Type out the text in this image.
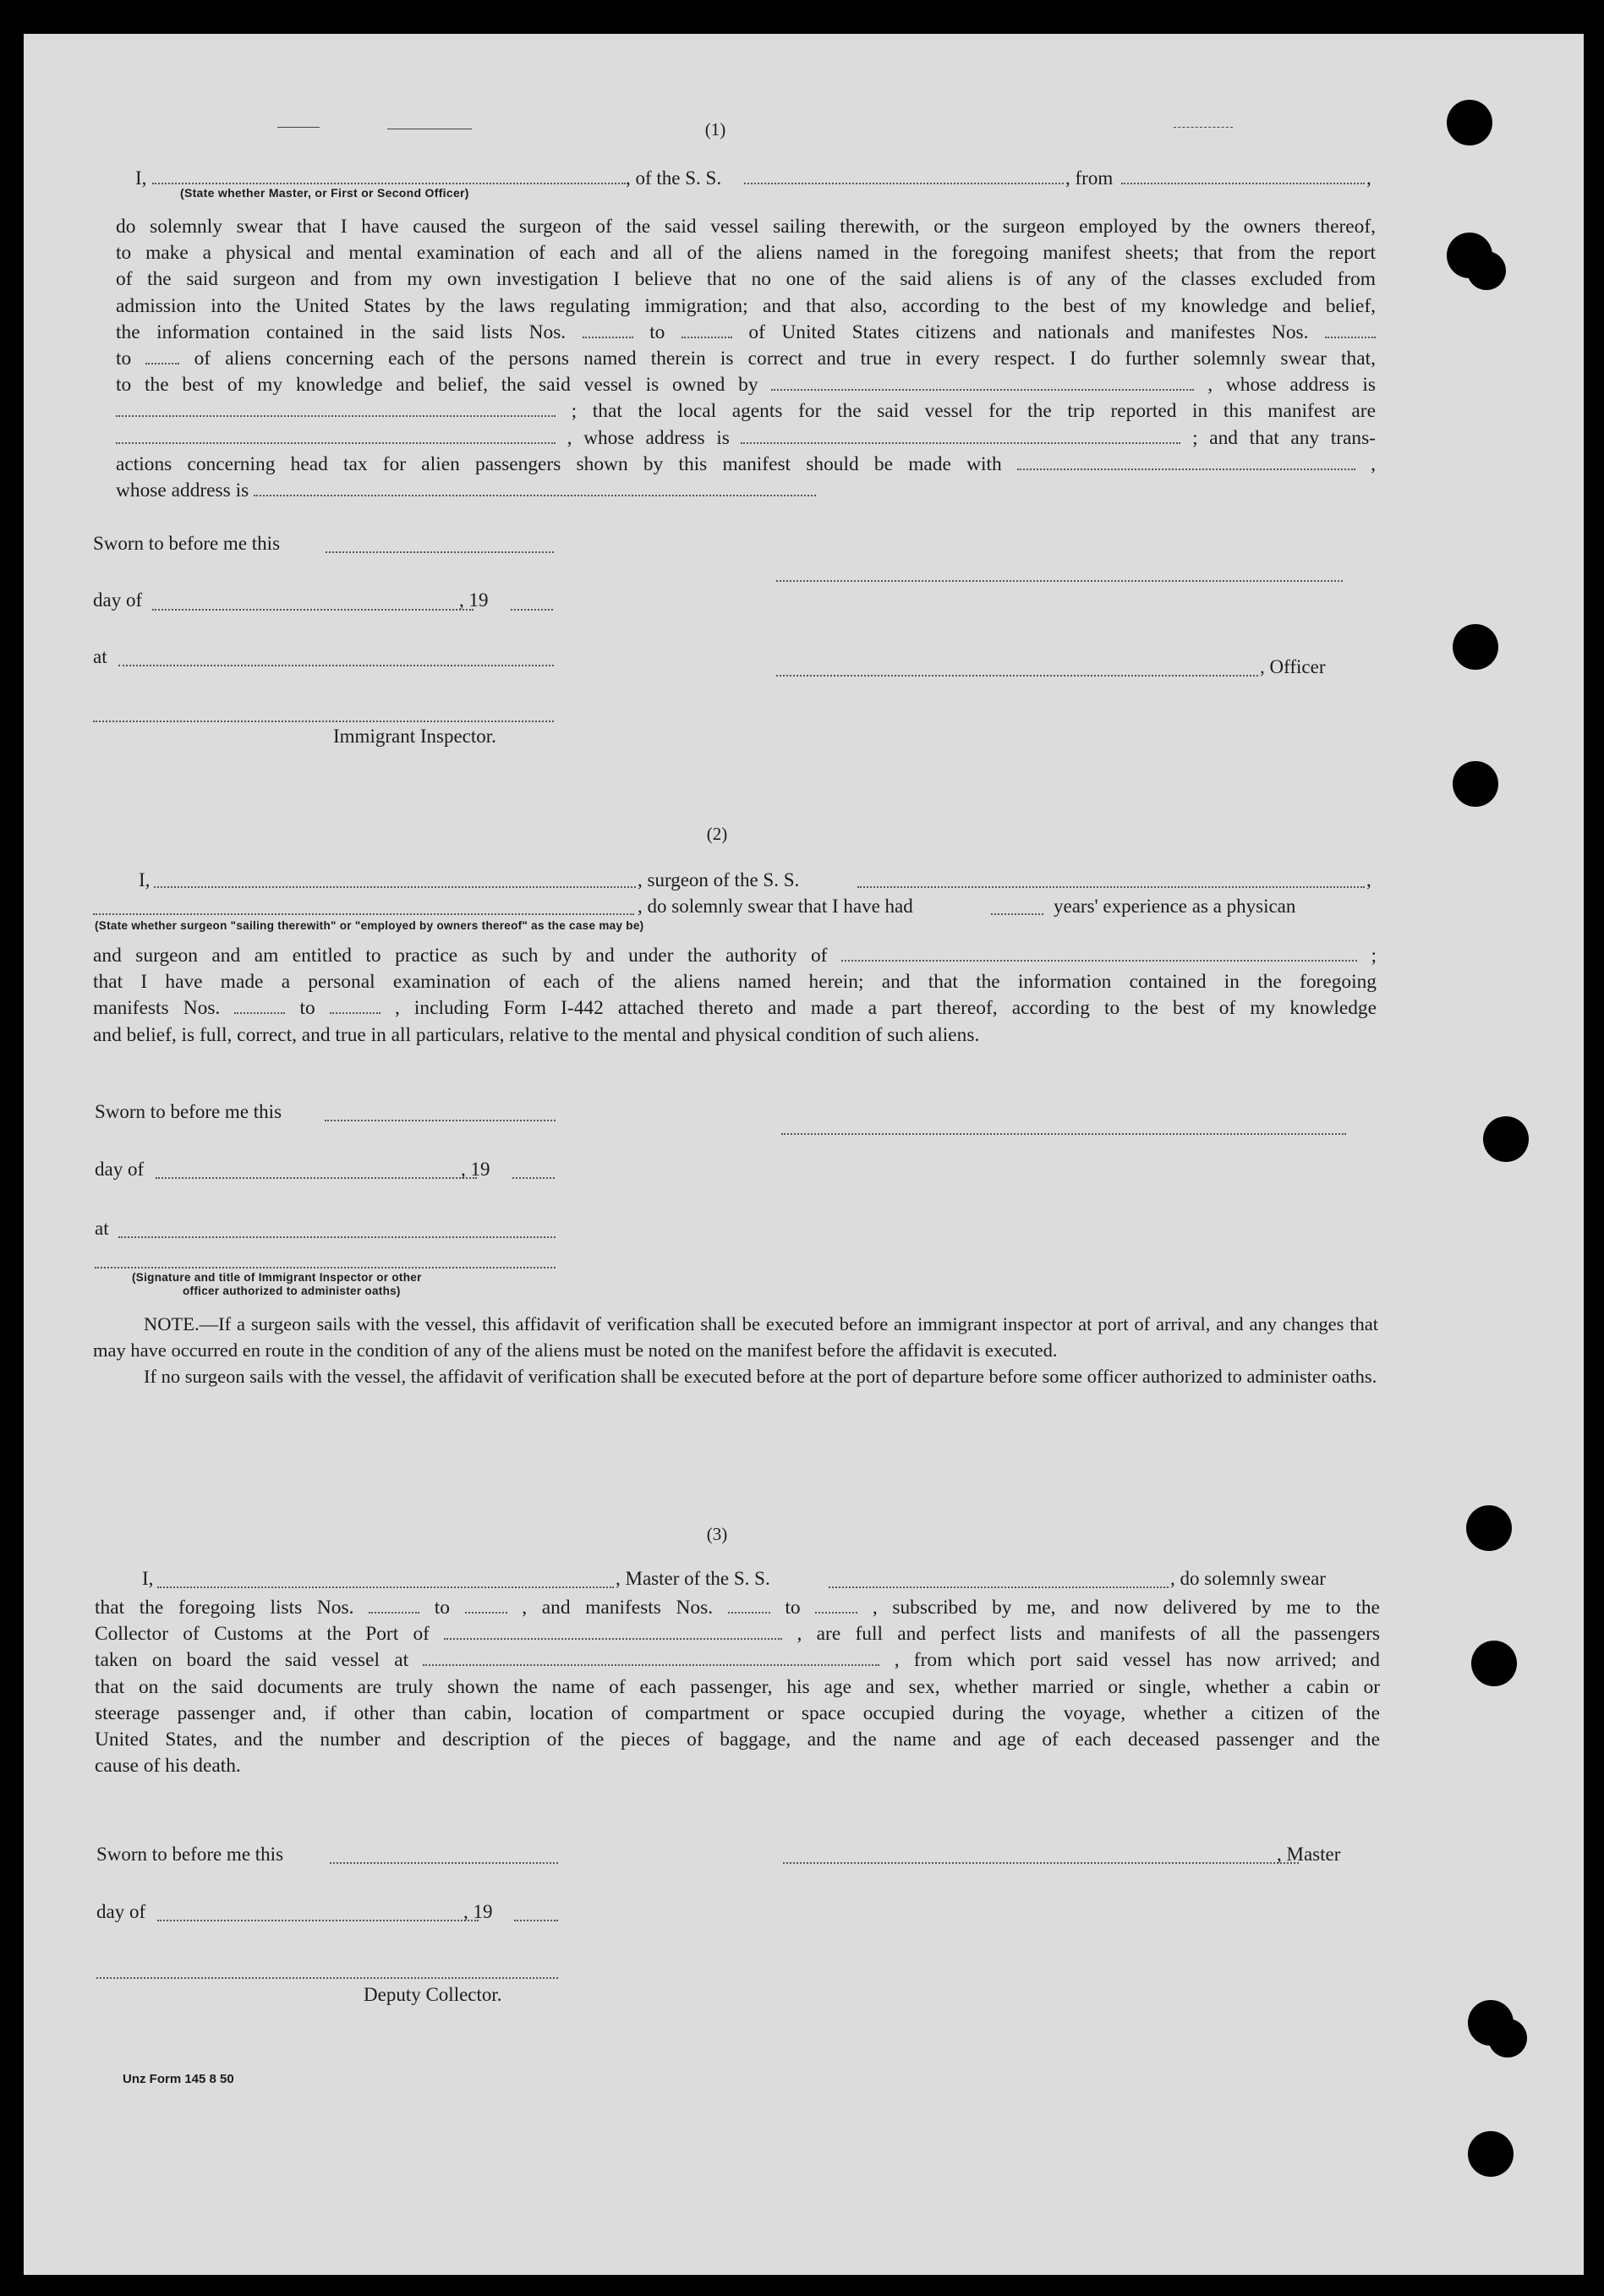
(1)
I,
(State whether Master, or First or Second Officer)
, of the S. S.	, from	,
do solemnly swear that I have caused the surgeon of the said vessel sailing therewith, or the surgeon employed by the owners thereof,
to make a physical and mental examination of each and all of the aliens named in the foregoing manifest sheets; that from the report
of the said surgeon and from my own investigation I believe that no one of the said aliens is of any of the classes excluded from
admission into the United States by the laws regulating immigration; and that also, according to the best of my knowledge and belief,
the information contained in the said lists Nos.	to	of United States citizens and nationals and manifestes Nos.
to	of aliens concerning each of the persons named therein is correct and true in every respect. I do further solemnly swear that,
to the best of my knowledge and belief, the said vessel is owned by	, whose address is
; that the local agents for the said vessel for the trip reported in this manifest are
, whose address is	; and that any trans-
actions concerning head tax for alien passengers shown by this manifest should be made with	,
whose address is
Sworn to before me this
day of	, 19
at	, Officer
Immigrant Inspector.
(2)
I,	, surgeon of the S. S.	,
, do solemnly swear that I have had	years' experience as a physican
(State whether surgeon "sailing therewith" or "employed by owners thereof" as the case may be)
and surgeon and am entitled to practice as such by and under the authority of	;
that I have made a personal examination of each of the aliens named herein; and that the information contained in the foregoing
manifests Nos.	to	, including Form I-442 attached thereto and made a part thereof, according to the best of my knowledge
and belief, is full, correct, and true in all particulars, relative to the mental and physical condition of such aliens.
Sworn to before me this
day of	, 19
at
(Signature and title of Immigrant Inspector or other
officer authorized to administer oaths)
NOTE.—If a surgeon sails with the vessel, this affidavit of verification shall be executed before an immigrant inspector at port of arrival, and any changes that may have occurred en route in the condition of any of the aliens must be noted on the manifest before the affidavit is executed.
If no surgeon sails with the vessel, the affidavit of verification shall be executed before at the port of departure before some officer authorized to administer oaths.
(3)
I,	, Master of the S. S.	, do solemnly swear
that the foregoing lists Nos.	to	, and manifests Nos.	to	, subscribed by me, and now delivered by me to the
Collector of Customs at the Port of	, are full and perfect lists and manifests of all the passengers
taken on board the said vessel at	, from which port said vessel has now arrived; and
that on the said documents are truly shown the name of each passenger, his age and sex, whether married or single, whether a cabin or
steerage passenger and, if other than cabin, location of compartment or space occupied during the voyage, whether a citizen of the
United States, and the number and description of the pieces of baggage, and the name and age of each deceased passenger and the
cause of his death.
Sworn to before me this	, Master
day of	, 19
Deputy Collector.
Unz Form 145 8 50
